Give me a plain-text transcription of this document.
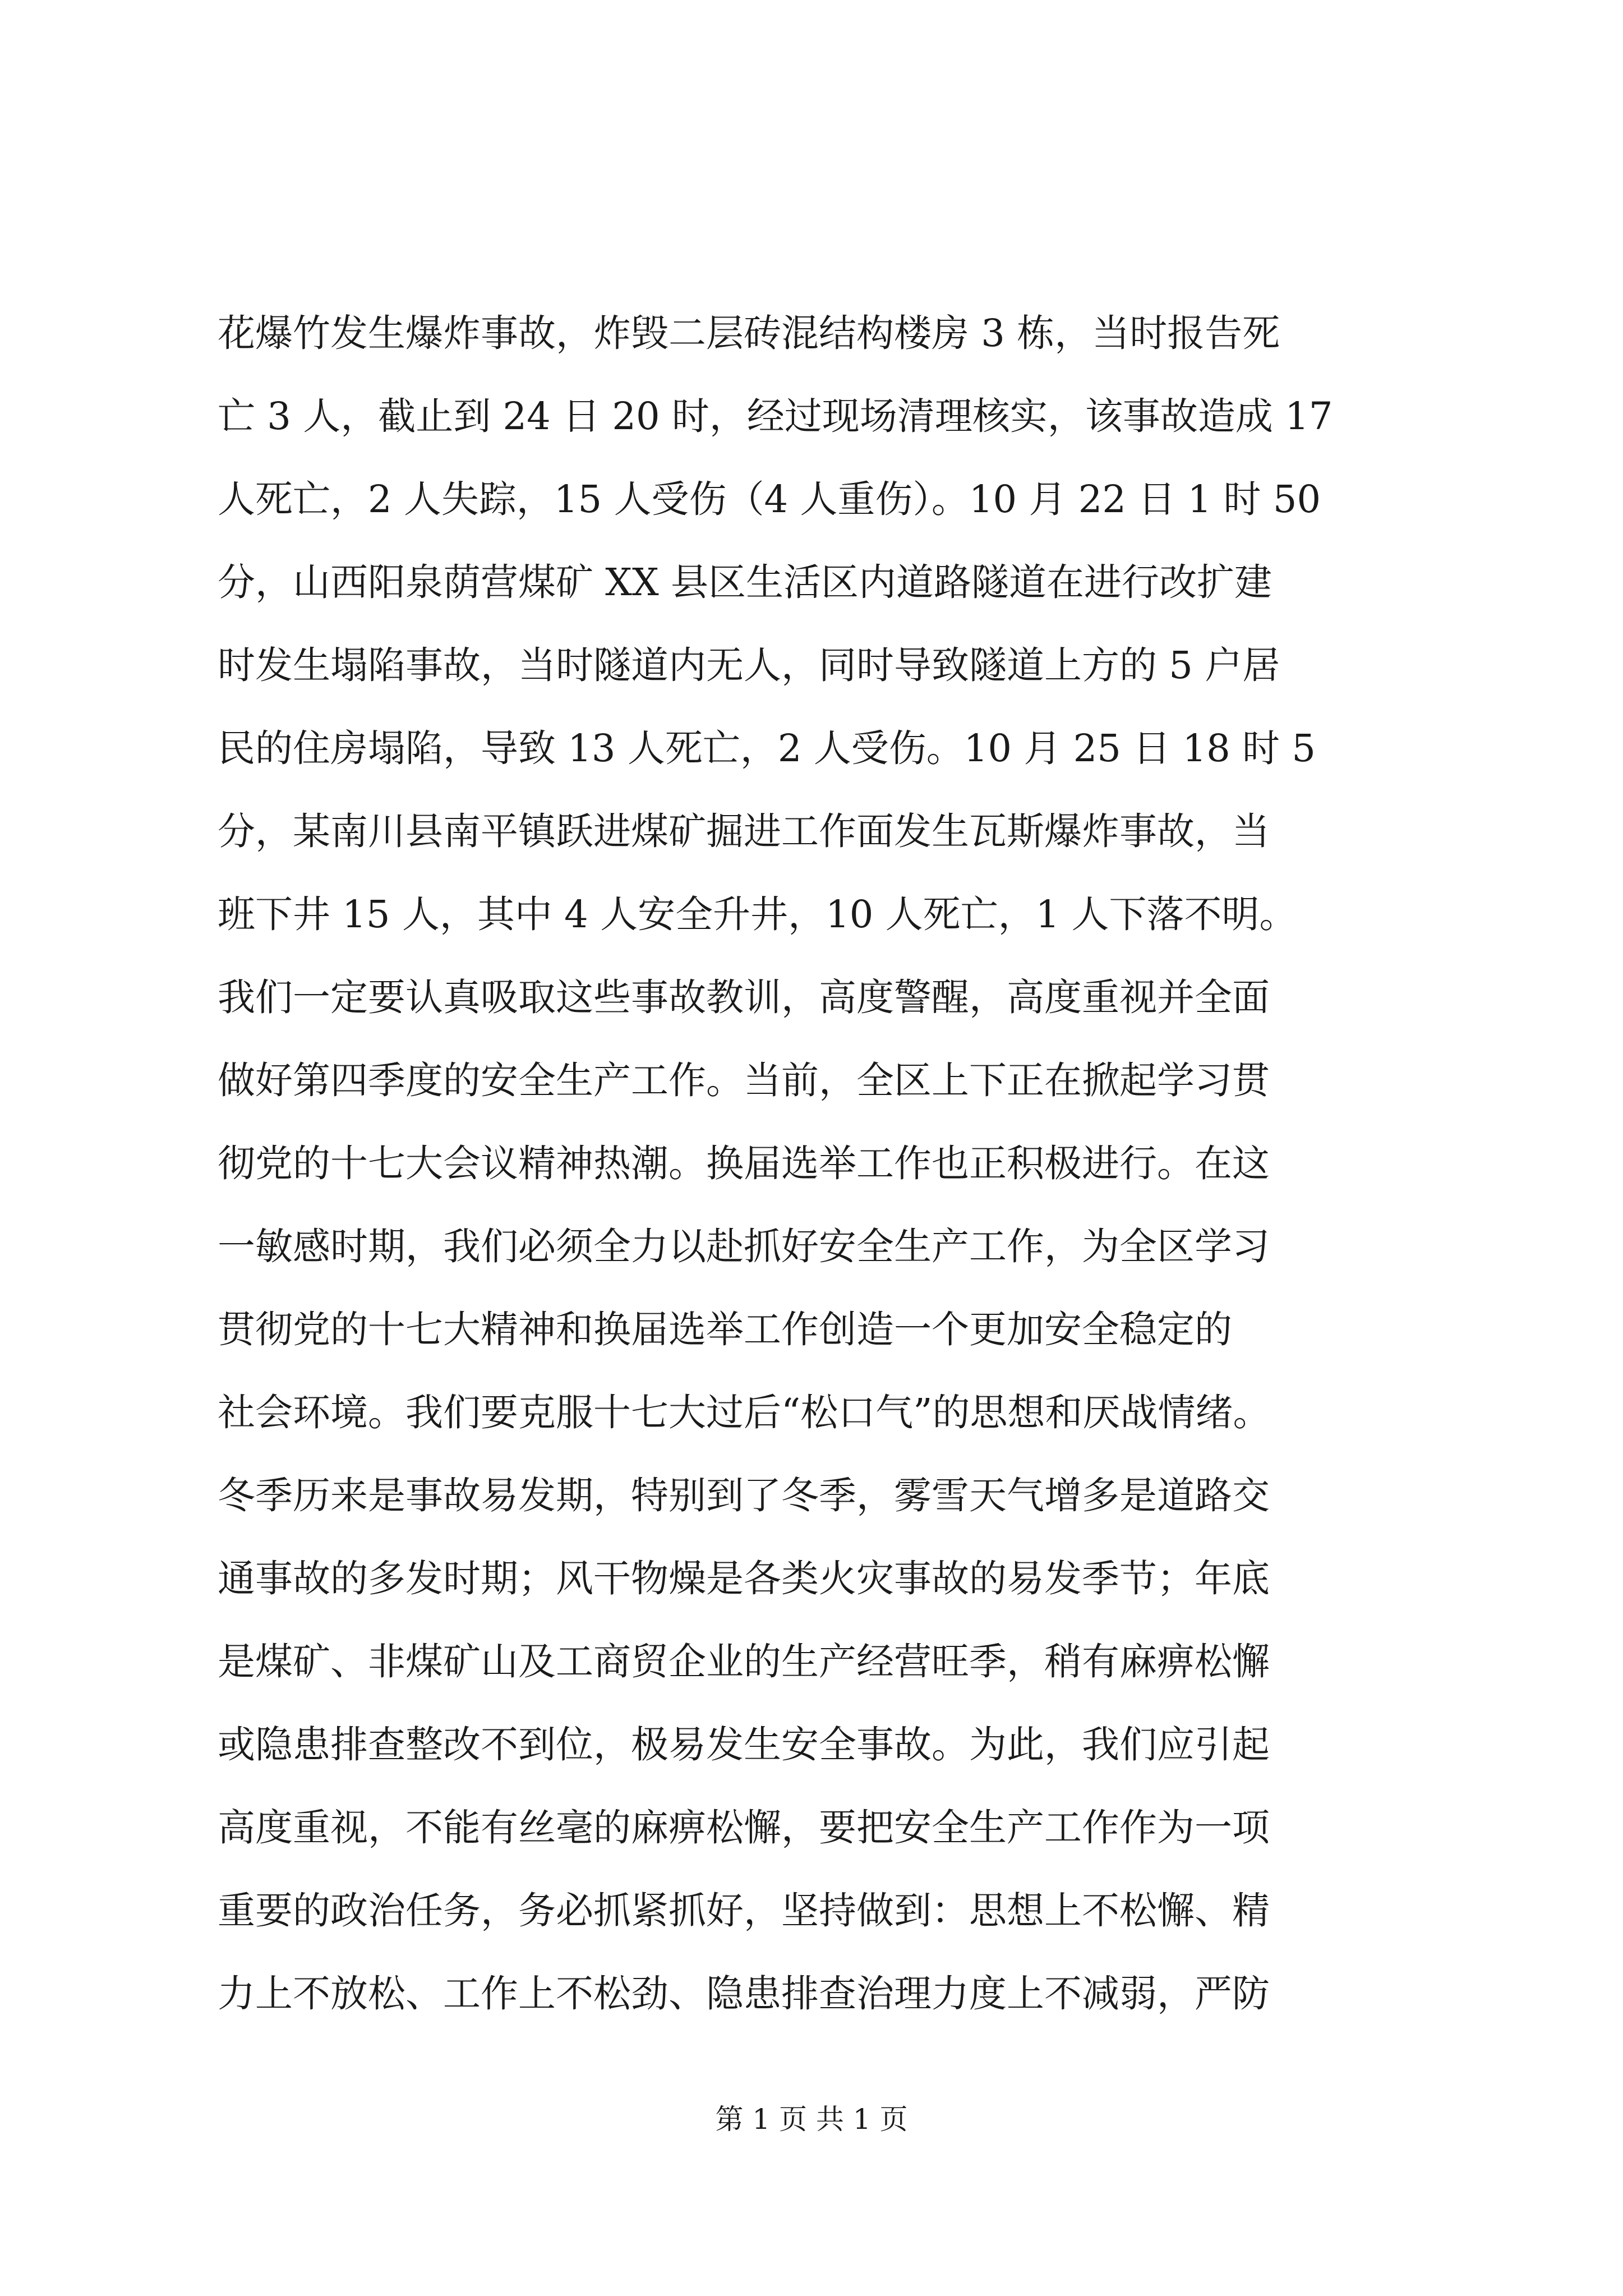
花爆竹发生爆炸事故，炸毁二层砖混结构楼房 3 栋，当时报告死
亡 3 人，截止到 24 日 20 时，经过现场清理核实，该事故造成 17
人死亡，2 人失踪，15 人受伤（4 人重伤）。10 月 22 日 1 时 50
分，山西阳泉荫营煤矿 XX 县区生活区内道路隧道在进行改扩建
时发生塌陷事故，当时隧道内无人，同时导致隧道上方的 5 户居
民的住房塌陷，导致 13 人死亡，2 人受伤。10 月 25 日 18 时 5
分，某南川县南平镇跃进煤矿掘进工作面发生瓦斯爆炸事故，当
班下井 15 人，其中 4 人安全升井，10 人死亡，1 人下落不明。
我们一定要认真吸取这些事故教训，高度警醒，高度重视并全面
做好第四季度的安全生产工作。当前，全区上下正在掀起学习贯
彻党的十七大会议精神热潮。换届选举工作也正积极进行。在这
一敏感时期，我们必须全力以赴抓好安全生产工作，为全区学习
贯彻党的十七大精神和换届选举工作创造一个更加安全稳定的
社会环境。我们要克服十七大过后“松口气”的思想和厌战情绪。
冬季历来是事故易发期，特别到了冬季，雾雪天气增多是道路交
通事故的多发时期；风干物燥是各类火灾事故的易发季节；年底
是煤矿、非煤矿山及工商贸企业的生产经营旺季，稍有麻痹松懈
或隐患排查整改不到位，极易发生安全事故。为此，我们应引起
高度重视，不能有丝毫的麻痹松懈，要把安全生产工作作为一项
重要的政治任务，务必抓紧抓好，坚持做到：思想上不松懈、精
力上不放松、工作上不松劲、隐患排查治理力度上不减弱，严防
第 1 页 共 1 页
